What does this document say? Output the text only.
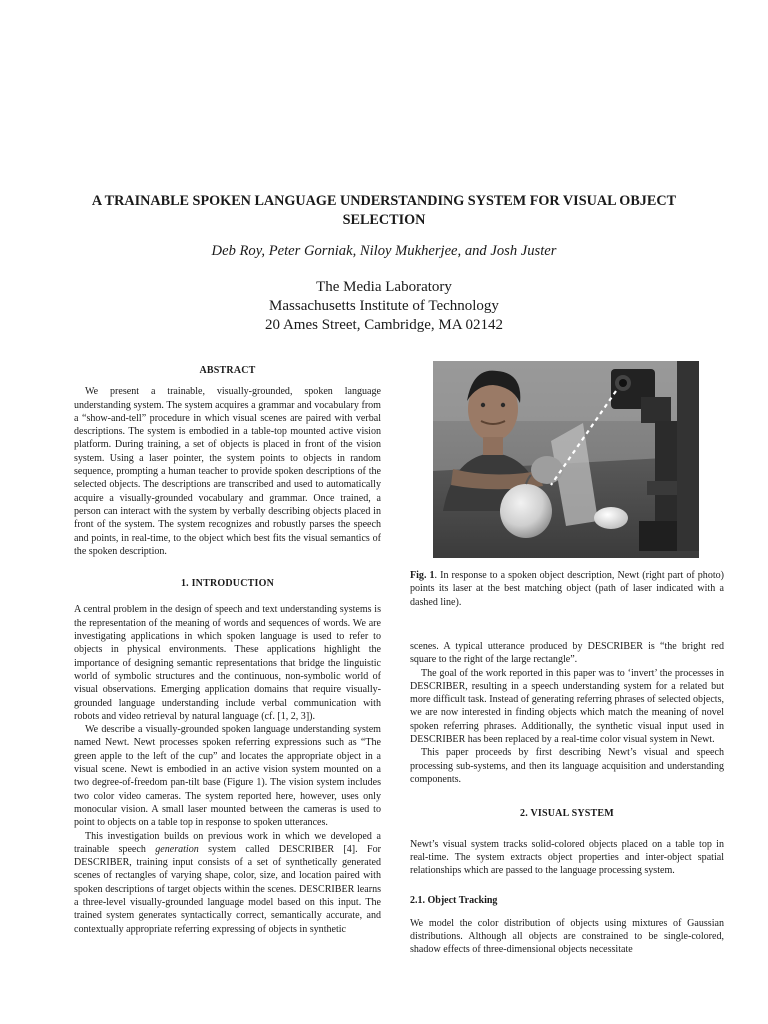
A TRAINABLE SPOKEN LANGUAGE UNDERSTANDING SYSTEM FOR VISUAL OBJECT SELECTION
Deb Roy, Peter Gorniak, Niloy Mukherjee, and Josh Juster
The Media Laboratory
Massachusetts Institute of Technology
20 Ames Street, Cambridge, MA 02142

ABSTRACT

We present a trainable, visually-grounded, spoken language understanding system. The system acquires a grammar and vocabulary from a “show-and-tell” procedure in which visual scenes are paired with verbal descriptions. The system is embodied in a table-top mounted active vision platform. During training, a set of objects is placed in front of the vision system. Using a laser pointer, the system points to objects in random sequence, prompting a human teacher to provide spoken descriptions of the selected objects. The descriptions are transcribed and used to automatically acquire a visually-grounded vocabulary and grammar. Once trained, a person can interact with the system by verbally describing objects placed in front of the system. The system recognizes and robustly parses the speech and points, in real-time, to the object which best fits the visual semantics of the spoken description.

1. INTRODUCTION

A central problem in the design of speech and text understanding systems is the representation of the meaning of words and sequences of words. We are investigating applications in which spoken language is used to refer to objects in physical environments. These applications highlight the importance of designing semantic representations that bridge the linguistic world of symbolic structures and the continuous, non-symbolic world of visual observations. Emerging application domains that require visually-grounded language understanding include verbal communication with robots and video retrieval by natural language (cf. [1, 2, 3]).

We describe a visually-grounded spoken language understanding system named Newt. Newt processes spoken referring expressions such as “The green apple to the left of the cup” and locates the appropriate object in a visual scene. Newt is embodied in an active vision system mounted on a two degree-of-freedom pan-tilt base (Figure 1). The vision system includes two color video cameras. The system reported here, however, uses only monocular vision. A small laser mounted between the cameras is used to point to objects on a table top in response to spoken utterances.

This investigation builds on previous work in which we developed a trainable speech generation system called DESCRIBER [4]. For DESCRIBER, training input consists of a set of synthetically generated scenes of rectangles of varying shape, color, size, and location paired with spoken descriptions of target objects within the scenes. DESCRIBER learns a three-level visually-grounded language model based on this input. The trained system generates syntactically correct, semantically accurate, and contextually appropriate referring expressing of objects in synthetic

Fig. 1. In response to a spoken object description, Newt (right part of photo) points its laser at the best matching object (path of laser indicated with a dashed line).

scenes. A typical utterance produced by DESCRIBER is “the bright red square to the right of the large rectangle”.

The goal of the work reported in this paper was to ‘invert’ the processes in DESCRIBER, resulting in a speech understanding system for a related but more difficult task. Instead of generating referring phrases of selected objects, we are now interested in finding objects which match the meaning of novel spoken referring phrases. Additionally, the synthetic visual input used in DESCRIBER has been replaced by a real-time color visual system in Newt.

This paper proceeds by first describing Newt’s visual and speech processing sub-systems, and then its language acquisition and understanding components.

2. VISUAL SYSTEM

Newt’s visual system tracks solid-colored objects placed on a table top in real-time. The system extracts object properties and inter-object spatial relationships which are passed to the language processing system.

2.1. Object Tracking

We model the color distribution of objects using mixtures of Gaussian distributions. Although all objects are constrained to be single-colored, shadow effects of three-dimensional objects necessitate
